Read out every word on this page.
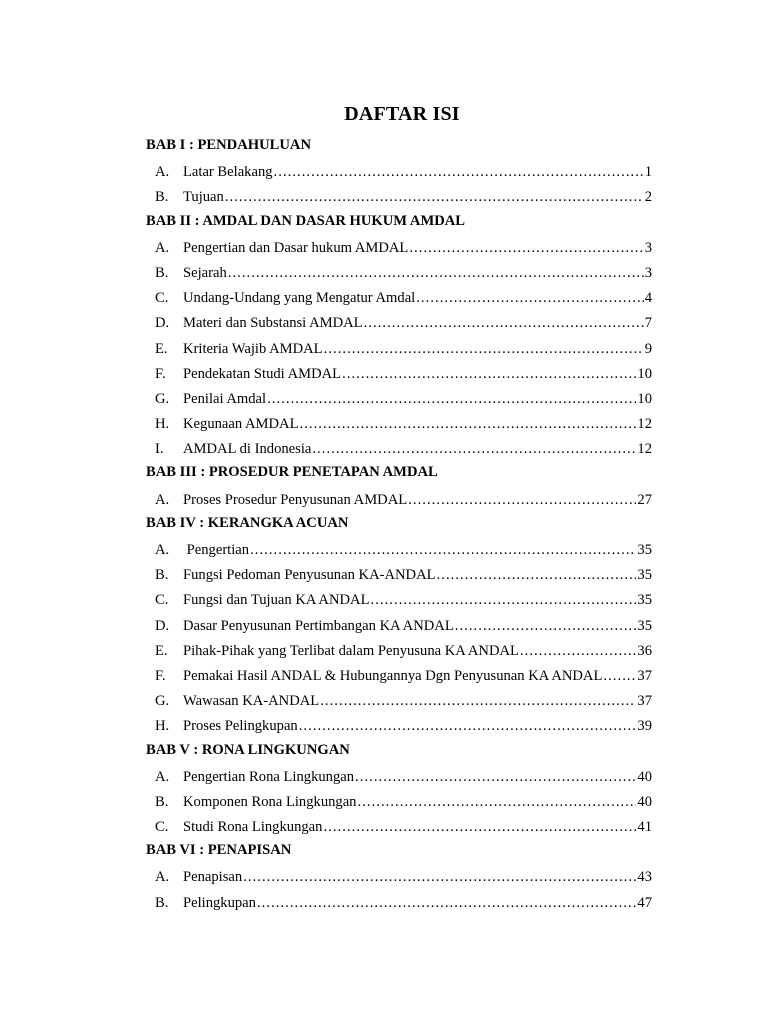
DAFTAR ISI
BAB I : PENDAHULUAN
A. Latar Belakang . . .	1
B.	Tujuan . . .	2
BAB II : AMDAL DAN DASAR HUKUM AMDAL
A. Pengertian dan Dasar hukum AMDAL . . .	3
B.	Sejarah . . .	3
C.	Undang-Undang yang Mengatur Amdal . . .	4
D. Materi dan Substansi AMDAL . . .	7
E.	Kriteria Wajib AMDAL . . .	9
F.	Pendekatan Studi AMDAL . . .	10
G. Penilai Amdal . . .	10
H. Kegunaan AMDAL . . .	12
I.	AMDAL di Indonesia . . .	12
BAB III : PROSEDUR PENETAPAN AMDAL
A. Proses Prosedur Penyusunan AMDAL . . .	27
BAB IV : KERANGKA ACUAN
A. Pengertian . . .	35
B.	Fungsi Pedoman Penyusunan KA-ANDAL . . .	35
C.	Fungsi dan Tujuan KA ANDAL . . .	35
D. Dasar Penyusunan Pertimbangan KA ANDAL . . .	35
E.	Pihak-Pihak yang Terlibat dalam Penyusuna KA ANDAL . . .	36
F.	Pemakai Hasil ANDAL & Hubungannya Dgn Penyusunan KA ANDAL . . . 37
G. Wawasan KA-ANDAL . . .	37
H. Proses Pelingkupan . . .	39
BAB V : RONA LINGKUNGAN
A. Pengertian Rona Lingkungan . . .	40
B.	Komponen Rona Lingkungan . . .	40
C.	Studi Rona Lingkungan . . .	41
BAB VI : PENAPISAN
A. Penapisan . . .	43
B.	Pelingkupan . . .	47
